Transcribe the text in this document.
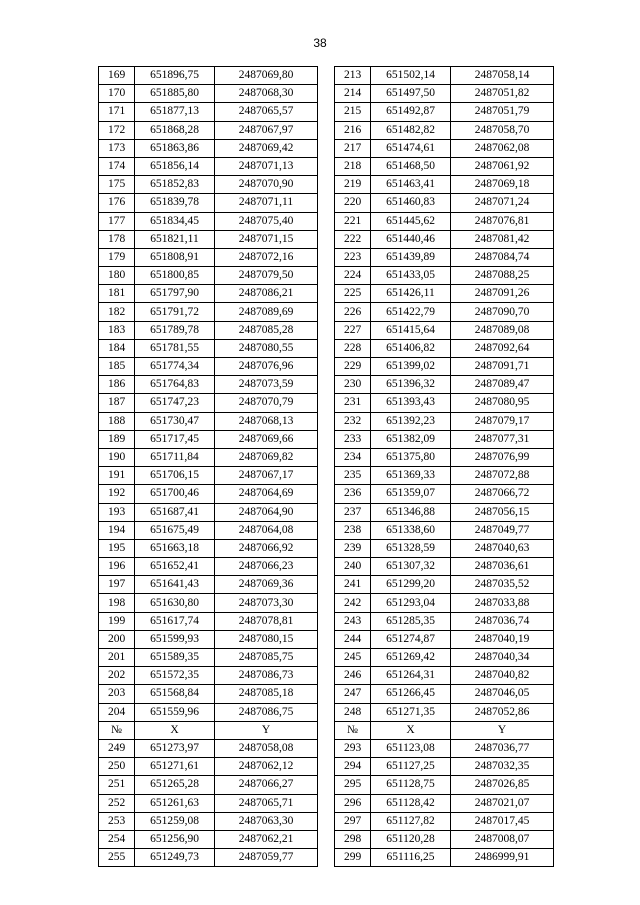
38
169	651896,75	2487069,80
170	651885,80	2487068,30
171	651877,13	2487065,57
172	651868,28	2487067,97
173	651863,86	2487069,42
174	651856,14	2487071,13
175	651852,83	2487070,90
176	651839,78	2487071,11
177	651834,45	2487075,40
178	651821,11	2487071,15
179	651808,91	2487072,16
180	651800,85	2487079,50
181	651797,90	2487086,21
182	651791,72	2487089,69
183	651789,78	2487085,28
184	651781,55	2487080,55
185	651774,34	2487076,96
186	651764,83	2487073,59
187	651747,23	2487070,79
188	651730,47	2487068,13
189	651717,45	2487069,66
190	651711,84	2487069,82
191	651706,15	2487067,17
192	651700,46	2487064,69
193	651687,41	2487064,90
194	651675,49	2487064,08
195	651663,18	2487066,92
196	651652,41	2487066,23
197	651641,43	2487069,36
198	651630,80	2487073,30
199	651617,74	2487078,81
200	651599,93	2487080,15
201	651589,35	2487085,75
202	651572,35	2487086,73
203	651568,84	2487085,18
204	651559,96	2487086,75
№	X	Y
249	651273,97	2487058,08
250	651271,61	2487062,12
251	651265,28	2487066,27
252	651261,63	2487065,71
253	651259,08	2487063,30
254	651256,90	2487062,21
255	651249,73	2487059,77
213	651502,14	2487058,14
214	651497,50	2487051,82
215	651492,87	2487051,79
216	651482,82	2487058,70
217	651474,61	2487062,08
218	651468,50	2487061,92
219	651463,41	2487069,18
220	651460,83	2487071,24
221	651445,62	2487076,81
222	651440,46	2487081,42
223	651439,89	2487084,74
224	651433,05	2487088,25
225	651426,11	2487091,26
226	651422,79	2487090,70
227	651415,64	2487089,08
228	651406,82	2487092,64
229	651399,02	2487091,71
230	651396,32	2487089,47
231	651393,43	2487080,95
232	651392,23	2487079,17
233	651382,09	2487077,31
234	651375,80	2487076,99
235	651369,33	2487072,88
236	651359,07	2487066,72
237	651346,88	2487056,15
238	651338,60	2487049,77
239	651328,59	2487040,63
240	651307,32	2487036,61
241	651299,20	2487035,52
242	651293,04	2487033,88
243	651285,35	2487036,74
244	651274,87	2487040,19
245	651269,42	2487040,34
246	651264,31	2487040,82
247	651266,45	2487046,05
248	651271,35	2487052,86
№	X	Y
293	651123,08	2487036,77
294	651127,25	2487032,35
295	651128,75	2487026,85
296	651128,42	2487021,07
297	651127,82	2487017,45
298	651120,28	2487008,07
299	651116,25	2486999,91
